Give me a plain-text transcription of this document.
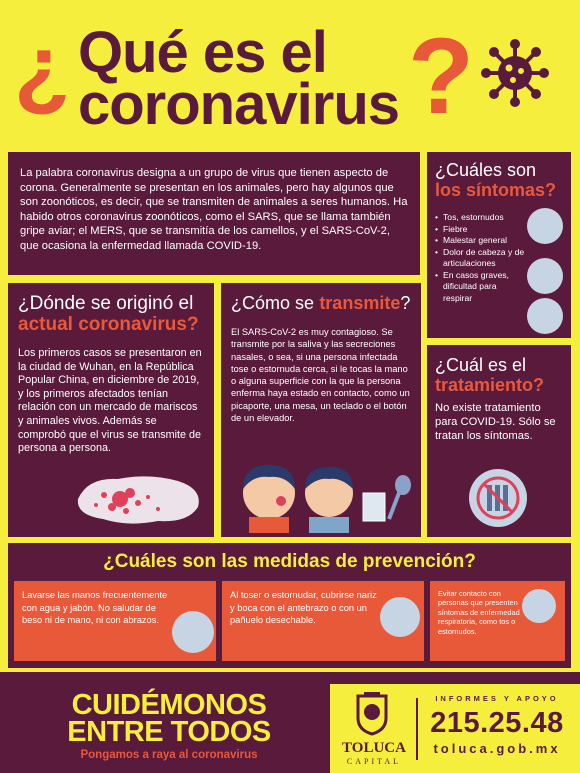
¿ Qué es el
coronavirus ?

La palabra coronavirus designa a un grupo de virus que tienen aspecto de corona. Generalmente se presentan en los animales, pero hay algunos que son zoonóticos, es decir, que se transmiten de animales a seres humanos. Ha habido otros coronavirus zoonóticos, como el SARS, que se llama también gripe aviar; el MERS, que se transmitía de los camellos, y el SARS-CoV-2, que ocasiona la enfermedad llamada COVID-19.

¿Cuáles son
los síntomas?
• Tos, estornudos
• Fiebre
• Malestar general
• Dolor de cabeza y de articulaciones
• En casos graves, dificultad para respirar
¿Dónde se originó el
actual coronavirus?

Los primeros casos se presentaron en la ciudad de Wuhan, en la República Popular China, en diciembre de 2019, y los primeros afectados tenían relación con un mercado de mariscos y animales vivos. Además se comprobó que el virus se transmite de persona a persona.

¿Cómo se transmite?

El SARS-CoV-2 es muy contagioso. Se transmite por la saliva y las secreciones nasales, o sea, si una persona infectada tose o estornuda cerca, si le tocas la mano o alguna superficie con la que la persona enferma haya estado en contacto, como un picaporte, una mesa, un teclado o el botón de un elevador.

¿Cuál es el
tratamiento?

No existe tratamiento para COVID-19. Sólo se tratan los síntomas.

¿Cuáles son las medidas de prevención?

Lavarse las manos frecuentemente con agua y jabón. No saludar de beso ni de mano, ni con abrazos.

Al toser o estornudar, cubrirse nariz y boca con el antebrazo o con un pañuelo desechable.

Evitar contacto con personas que presenten síntomas de enfermedad respiratoria, como tos o estornudos.

CUIDÉMONOS
ENTRE TODOS
Pongamos a raya al coronavirus	TOLUCA
CAPITAL
INFORMES Y APOYO
215.25.48
toluca.gob.mx
